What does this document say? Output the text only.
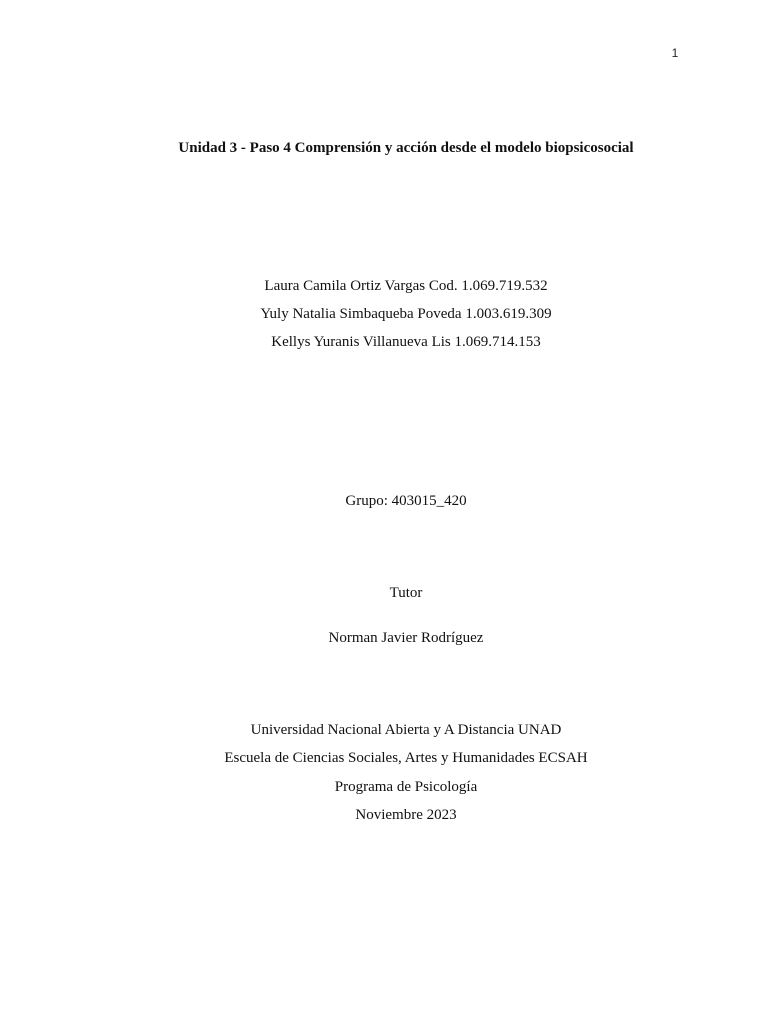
1
Unidad 3 - Paso 4 Comprensión y acción desde el modelo biopsicosocial
Laura Camila Ortiz Vargas Cod. 1.069.719.532
Yuly Natalia Simbaqueba Poveda 1.003.619.309
Kellys Yuranis Villanueva Lis 1.069.714.153
Grupo: 403015_420
Tutor
Norman Javier Rodríguez
Universidad Nacional Abierta y A Distancia UNAD
Escuela de Ciencias Sociales, Artes y Humanidades ECSAH
Programa de Psicología
Noviembre 2023
